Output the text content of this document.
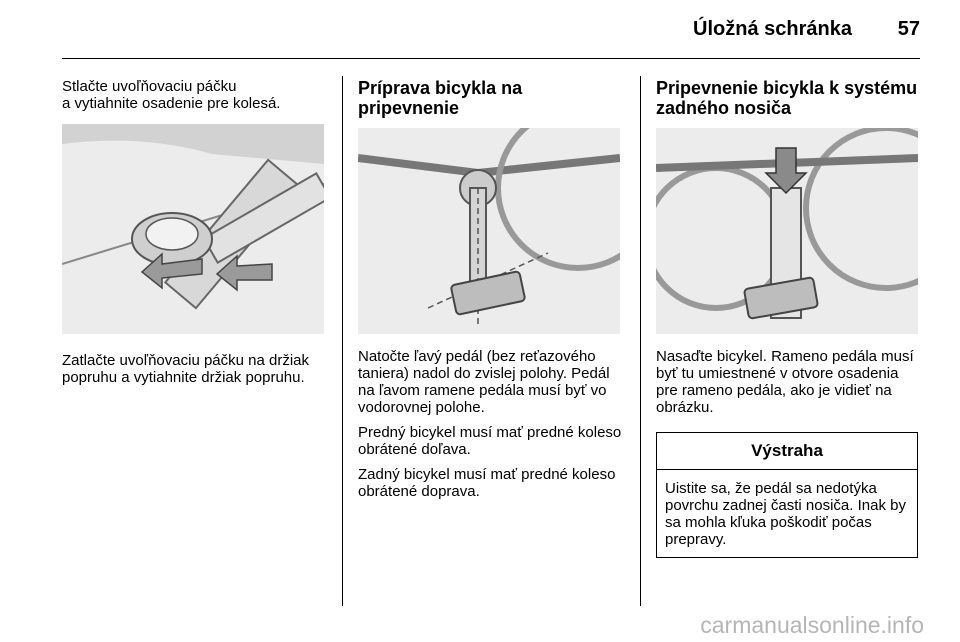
Úložná schránka 57

Stlačte uvoľňovaciu páčku
a vytiahnite osadenie pre kolesá.

Zatlačte uvoľňovaciu páčku na držiak popruhu a vytiahnite držiak popruhu.

Príprava bicykla na pripevnenie

Natočte ľavý pedál (bez reťazového taniera) nadol do zvislej polohy. Pedál na ľavom ramene pedála musí byť vo vodorovnej polohe.

Predný bicykel musí mať predné koleso obrátené doľava.

Zadný bicykel musí mať predné koleso obrátené doprava.

Pripevnenie bicykla k systému zadného nosiča

Nasaďte bicykel. Rameno pedála musí byť tu umiestnené v otvore osadenia pre rameno pedála, ako je vidieť na obrázku.

Výstraha
Uistite sa, že pedál sa nedotýka povrchu zadnej časti nosiča. Inak by sa mohla kľuka poškodiť počas prepravy.
carmanualsonline.info
